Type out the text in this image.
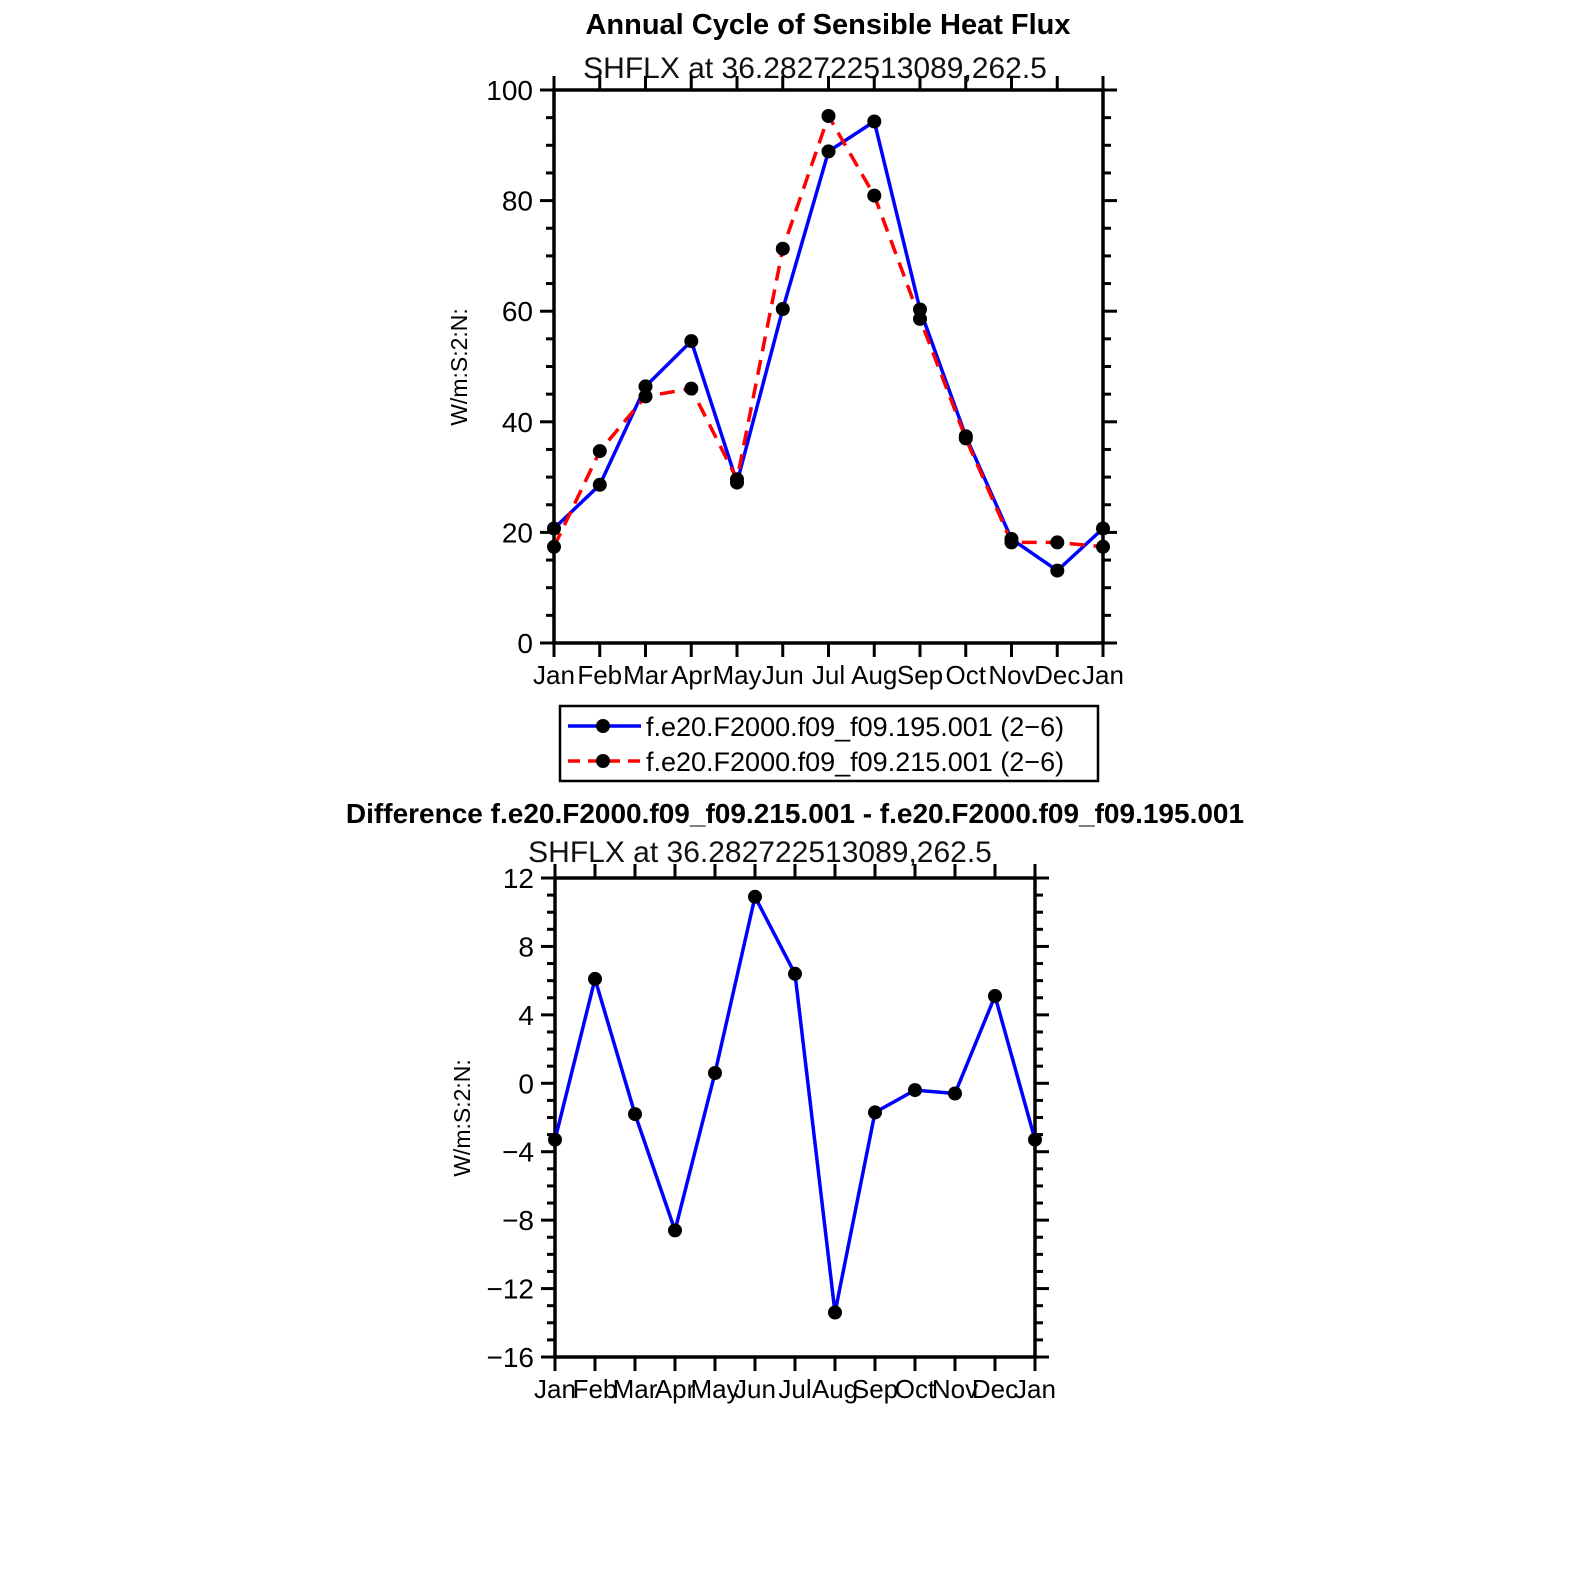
Annual Cycle of Sensible Heat Flux
SHFLX at 36.282722513089,262.5
W/m:S:2:N:
0
20
40
60
80
100
Jan Feb Mar Apr May Jun Jul Aug Sep Oct Nov Dec Jan
f.e20.F2000.f09_f09.195.001 (2−6)
f.e20.F2000.f09_f09.215.001 (2−6)
Difference f.e20.F2000.f09_f09.215.001 - f.e20.F2000.f09_f09.195.001
SHFLX at 36.282722513089,262.5
W/m:S:2:N:
−16
−12
−8
−4
0
4
8
12
Jan
Feb
Mar
Apr
May
Jun Jul Aug
Sep
Oct
Nov
Dec
Jan
